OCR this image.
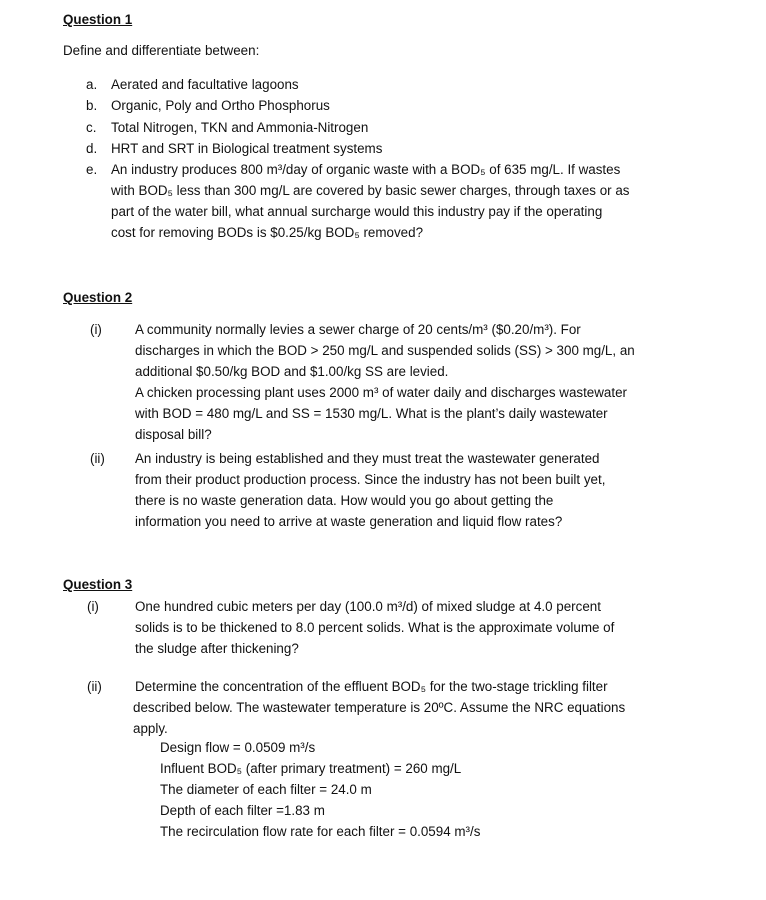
Question 1
Define and differentiate between:
a. Aerated and facultative lagoons
b. Organic, Poly and Ortho Phosphorus
c. Total Nitrogen, TKN and Ammonia-Nitrogen
d. HRT and SRT in Biological treatment systems
e. An industry produces 800 m³/day of organic waste with a BOD₅ of 635 mg/L. If wastes
with BOD₅ less than 300 mg/L are covered by basic sewer charges, through taxes or as
part of the water bill, what annual surcharge would this industry pay if the operating
cost for removing BODs is $0.25/kg BOD₅ removed?
Question 2
(i) A community normally levies a sewer charge of 20 cents/m³ ($0.20/m³). For
discharges in which the BOD > 250 mg/L and suspended solids (SS) > 300 mg/L, an
additional $0.50/kg BOD and $1.00/kg SS are levied.
A chicken processing plant uses 2000 m³ of water daily and discharges wastewater
with BOD = 480 mg/L and SS = 1530 mg/L. What is the plant’s daily wastewater
disposal bill?
(ii) An industry is being established and they must treat the wastewater generated
from their product production process. Since the industry has not been built yet,
there is no waste generation data. How would you go about getting the
information you need to arrive at waste generation and liquid flow rates?
Question 3
(i)	One hundred cubic meters per day (100.0 m³/d) of mixed sludge at 4.0 percent
solids is to be thickened to 8.0 percent solids. What is the approximate volume of
the sludge after thickening?
(ii) Determine the concentration of the effluent BOD₅ for the two-stage trickling filter
described below. The wastewater temperature is 20ºC. Assume the NRC equations
apply.
Design flow = 0.0509 m³/s
Influent BOD₅ (after primary treatment) = 260 mg/L
The diameter of each filter = 24.0 m
Depth of each filter =1.83 m
The recirculation flow rate for each filter = 0.0594 m³/s
